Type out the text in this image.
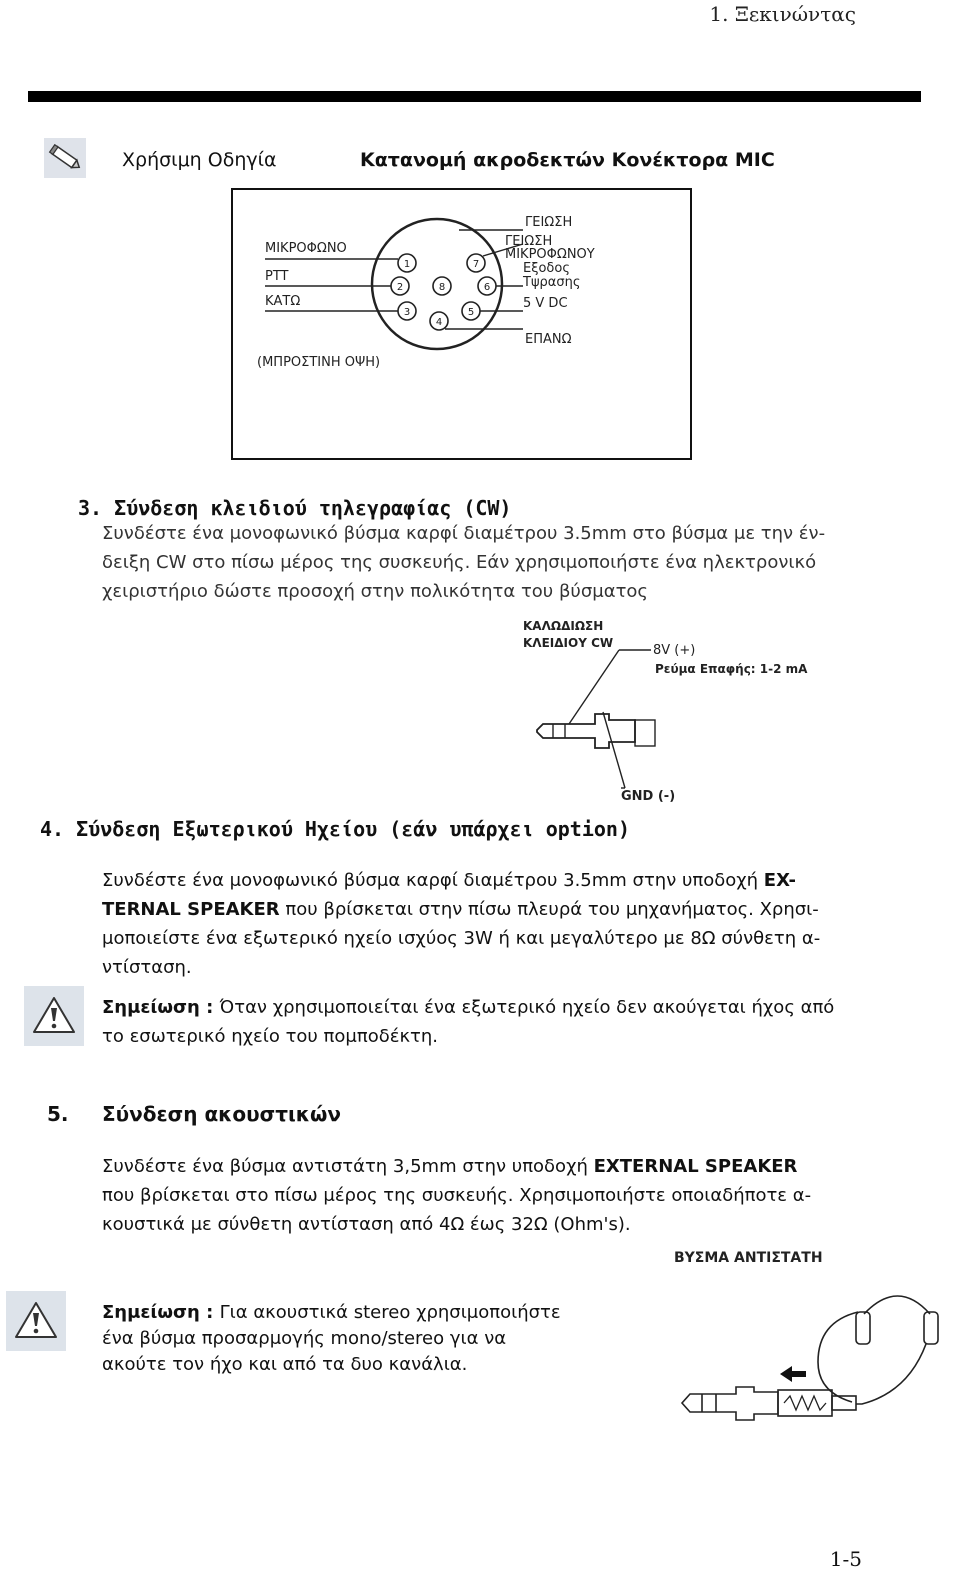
1. Ξεκινώντας
Χρήσιμη Οδηγία	Κατανομή ακροδεκτών Κονέκτορα MIC
1
2
3
4
5
6
7
8
ΜΙΚΡΟΦΩΝΟ
PTT
ΚΑΤΩ
(ΜΠΡΟΣΤΙΝΗ ΟΨΗ)
ΓΕΙΩΣΗ
ΓΕΙΩΣΗ
ΜΙΚΡΟΦΩΝΟΥ
Εξοδος
Τψρασης
5 V DC
ΕΠΑΝΩ
3. Σύνδεση κλειδιού τηλεγραφίας (CW)
Συνδέστε ένα μονοφωνικό βύσμα καρφί διαμέτρου 3.5mm στο βύσμα με την έν-
δειξη CW στο πίσω μέρος της συσκευής. Εάν χρησιμοποιήστε ένα ηλεκτρονικό
χειριστήριο δώστε προσοχή στην πολικότητα του βύσματος
ΚΑΛΩΔΙΩΣΗ
ΚΛΕΙΔΙΟΥ CW	8V (+)
Ρεύμα Επαφής: 1-2 mA
GND (-)
4. Σύνδεση Εξωτερικού Ηχείου (εάν υπάρχει option)
Συνδέστε ένα μονοφωνικό βύσμα καρφί διαμέτρου 3.5mm στην υποδοχή EX-
TERNAL SPEAKER που βρίσκεται στην πίσω πλευρά του μηχανήματος. Χρησι-
μοποιείστε ένα εξωτερικό ηχείο ισχύος 3W ή και μεγαλύτερο με 8Ω σύνθετη α-
ντίσταση.
Σημείωση : Όταν χρησιμοποιείται ένα εξωτερικό ηχείο δεν ακούγεται ήχος από
το εσωτερικό ηχείο του πομποδέκτη.
5. Σύνδεση ακουστικών
Συνδέστε ένα βύσμα αντιστάτη 3,5mm στην υποδοχή EXTERNAL SPEAKER
που βρίσκεται στο πίσω μέρος της συσκευής. Χρησιμοποιήστε οποιαδήποτε α-
κουστικά με σύνθετη αντίσταση από 4Ω έως 32Ω (Ohm's).
ΒΥΣΜΑ ΑΝΤΙΣΤΑΤΗ
Σημείωση : Για ακουστικά stereo χρησιμοποιήστε
ένα βύσμα προσαρμογής mono/stereo για να
ακούτε τον ήχο και από τα δυο κανάλια.
1-5
